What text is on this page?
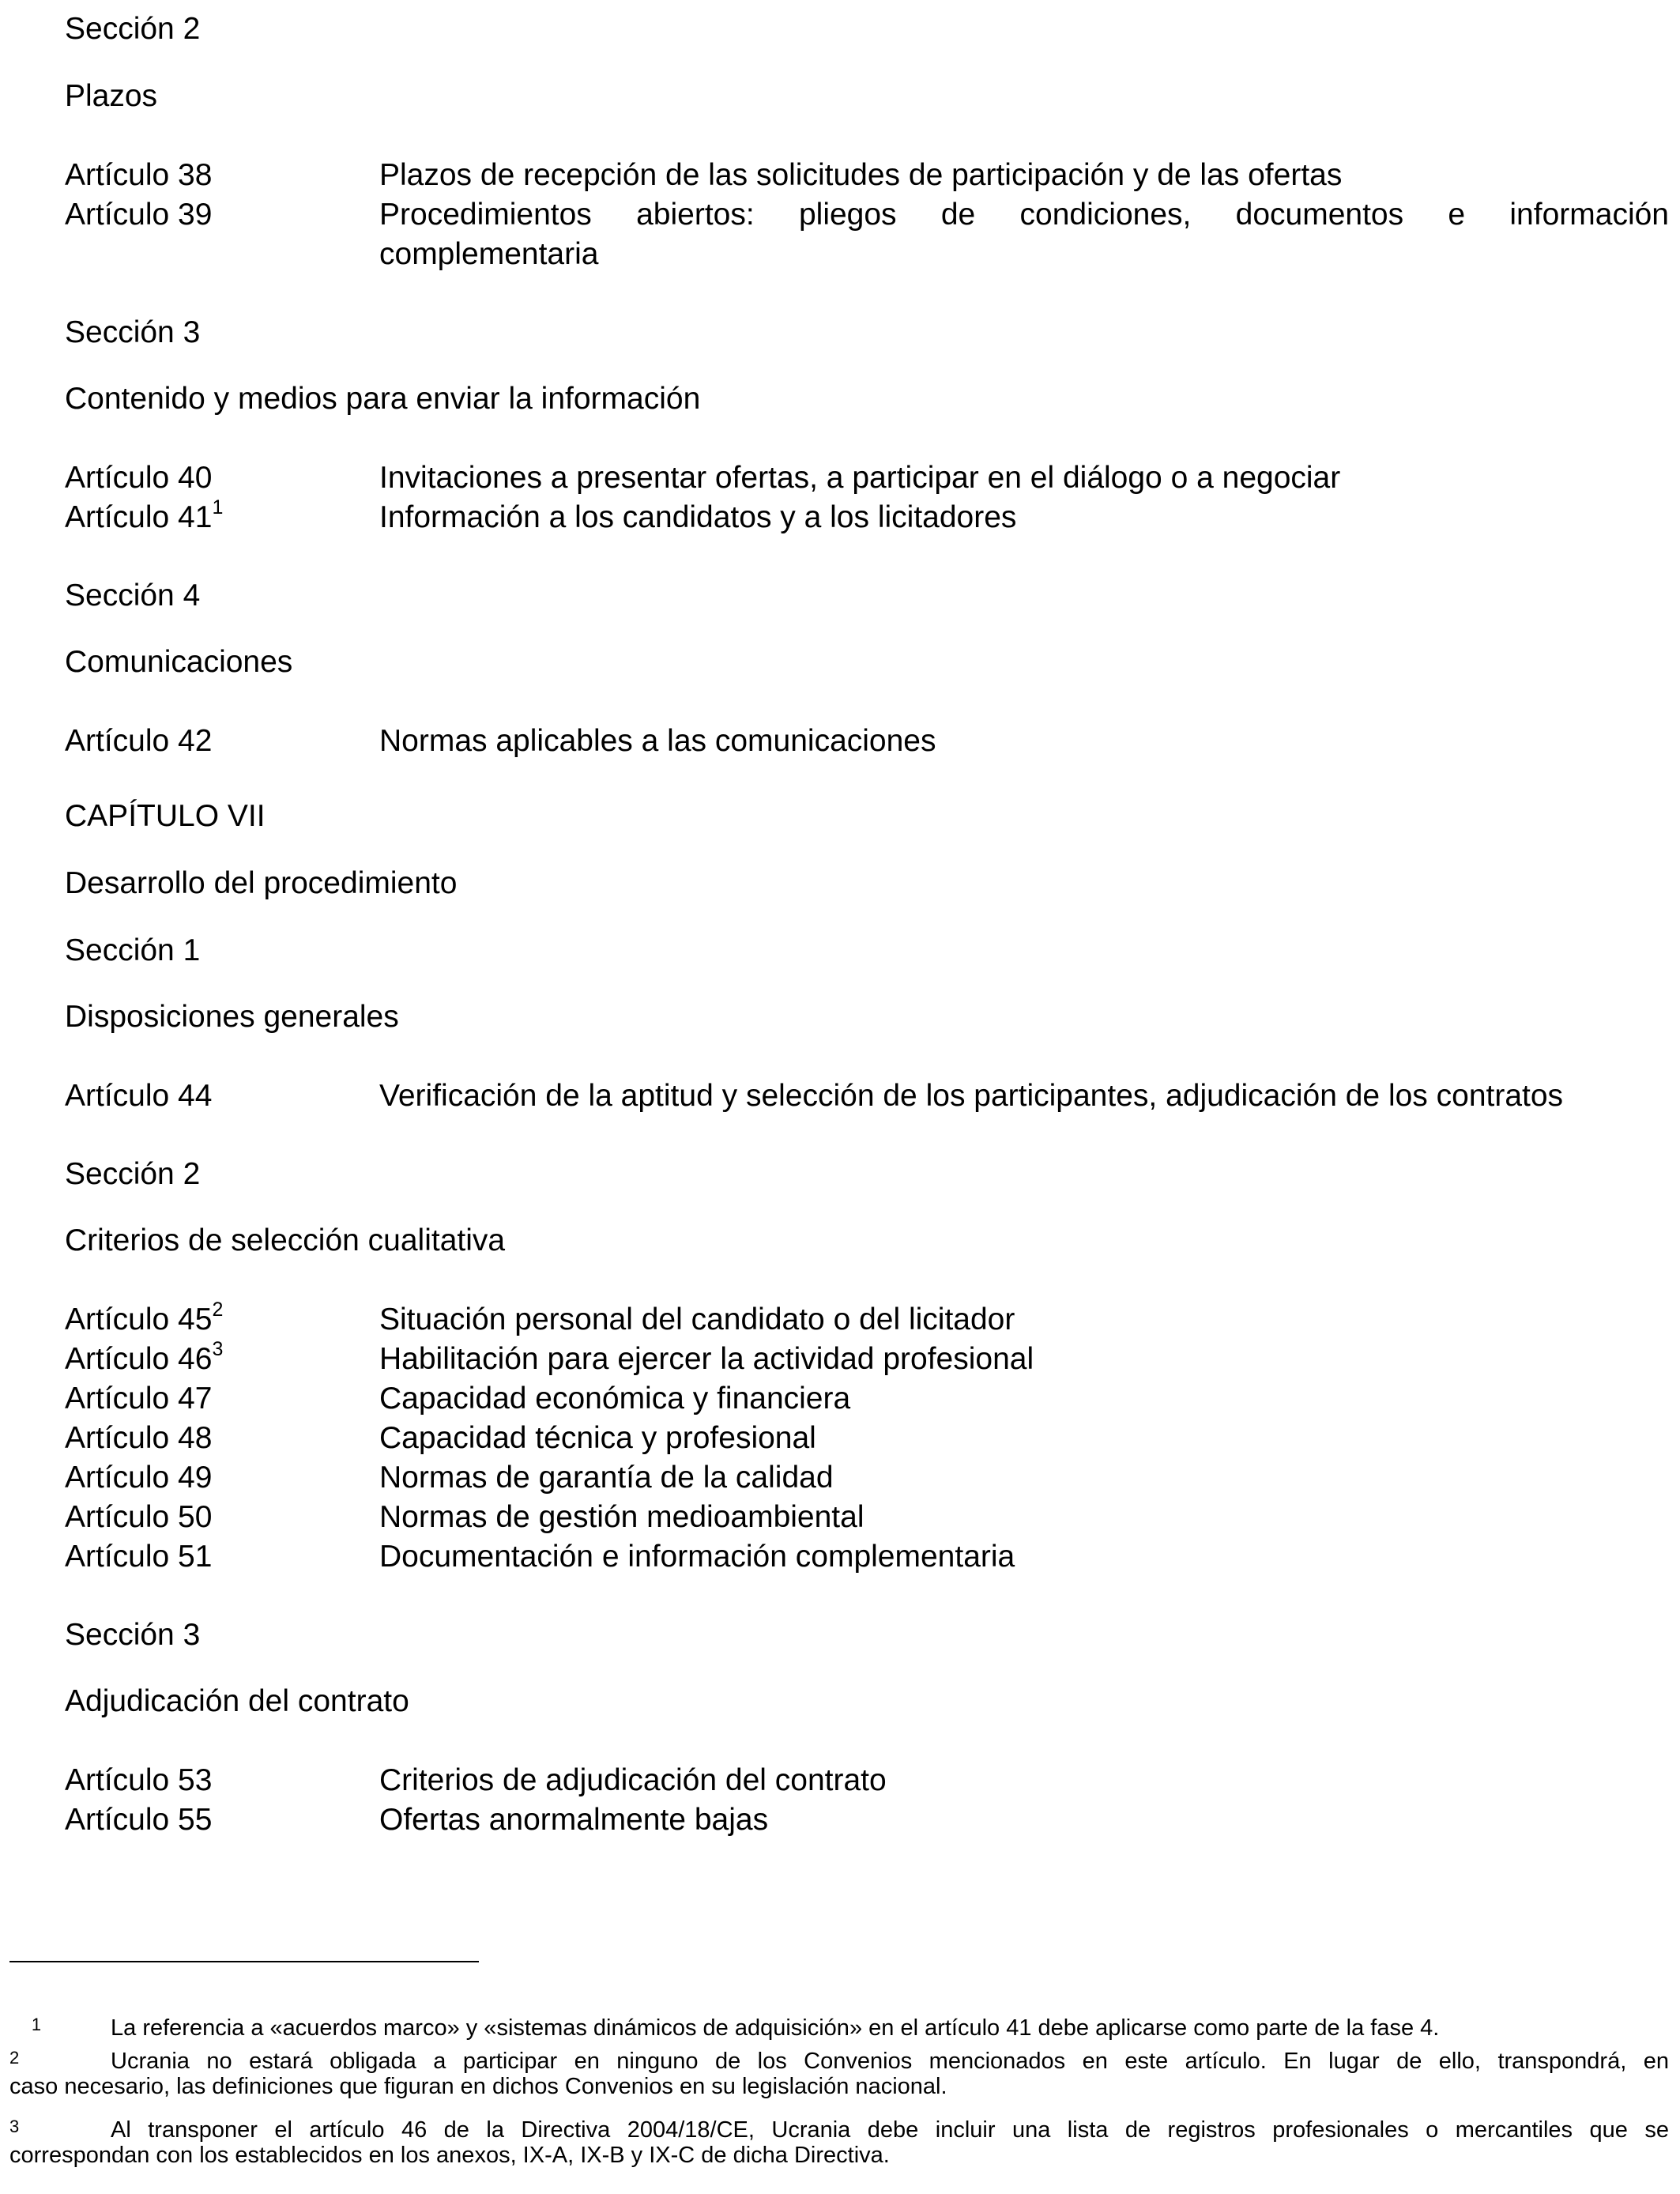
Sección 2
Plazos
Artículo 38	Plazos de recepción de las solicitudes de participación y de las ofertas
Artículo 39	Procedimientos abiertos: pliegos de condiciones, documentos e información
complementaria
Sección 3
Contenido y medios para enviar la información
Artículo 40	Invitaciones a presentar ofertas, a participar en el diálogo o a negociar
Artículo 41$^1$	Información a los candidatos y a los licitadores
Sección 4
Comunicaciones
Artículo 42	Normas aplicables a las comunicaciones
CAPÍTULO VII
Desarrollo del procedimiento
Sección 1
Disposiciones generales
Artículo 44	Verificación de la aptitud y selección de los participantes, adjudicación de los contratos
Sección 2
Criterios de selección cualitativa
Artículo 45$^2$	Situación personal del candidato o del licitador
Artículo 46$^3$	Habilitación para ejercer la actividad profesional
Artículo 47	Capacidad económica y financiera
Artículo 48	Capacidad técnica y profesional
Artículo 49	Normas de garantía de la calidad
Artículo 50	Normas de gestión medioambiental
Artículo 51	Documentación e información complementaria
Sección 3
Adjudicación del contrato
Artículo 53	Criterios de adjudicación del contrato
Artículo 55	Ofertas anormalmente bajas
1	La referencia a «acuerdos marco» y «sistemas dinámicos de adquisición» en el artículo 41 debe aplicarse como parte de la fase 4.
2	Ucrania no estará obligada a participar en ninguno de los Convenios mencionados en este artículo. En lugar de ello, transpondrá, en
caso necesario, las definiciones que figuran en dichos Convenios en su legislación nacional.
3	Al transponer el artículo 46 de la Directiva 2004/18/CE, Ucrania debe incluir una lista de registros profesionales o mercantiles que se
correspondan con los establecidos en los anexos, IX-A, IX-B y IX-C de dicha Directiva.
